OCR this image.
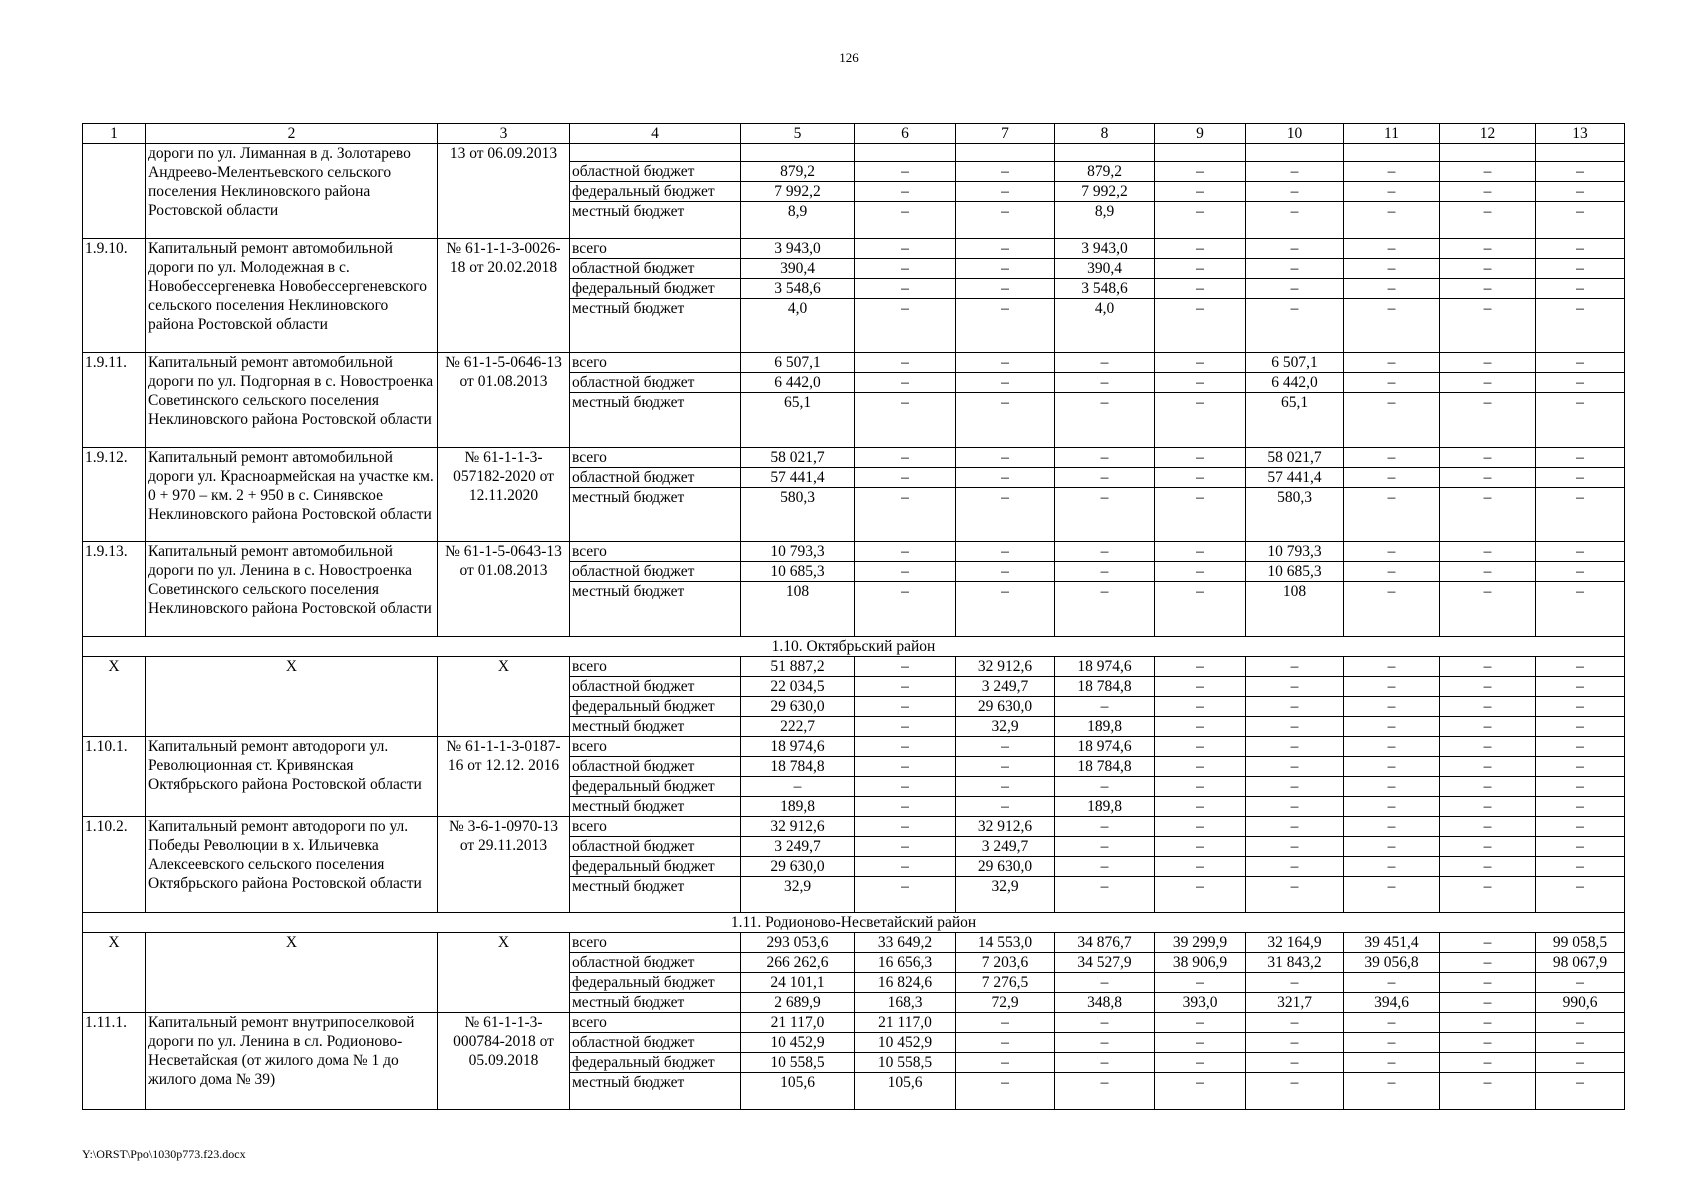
126
1	2	3	4	5	6	7	8	9	10	11	12	13
	дороги по ул. Лиманная в д. Золотарево Андреево-Мелентьевского сельского поселения Неклиновского района Ростовской области	13 от 06.09.2013										
			областной бюджет	879,2	–	–	879,2	–	–	–	–	–
			федеральный бюджет	7 992,2	–	–	7 992,2	–	–	–	–	–
			местный бюджет	8,9	–	–	8,9	–	–	–	–	–
1.9.10.	Капитальный ремонт автомобильной дороги по ул. Молодежная в с. Новобессергеневка Новобессергеневского сельского поселения Неклиновского района Ростовской области	№ 61-1-1-3-0026-18 от 20.02.2018	всего	3 943,0	–	–	3 943,0	–	–	–	–	–
			областной бюджет	390,4	–	–	390,4	–	–	–	–	–
			федеральный бюджет	3 548,6	–	–	3 548,6	–	–	–	–	–
			местный бюджет	4,0	–	–	4,0	–	–	–	–	–
1.9.11.	Капитальный ремонт автомобильной дороги по ул. Подгорная в с. Новостроенка Советинского сельского поселения Неклиновского района Ростовской области	№ 61-1-5-0646-13 от 01.08.2013	всего	6 507,1	–	–	–	–	6 507,1	–	–	–
			областной бюджет	6 442,0	–	–	–	–	6 442,0	–	–	–
			местный бюджет	65,1	–	–	–	–	65,1	–	–	–
1.9.12.	Капитальный ремонт автомобильной дороги ул. Красноармейская на участке км. 0 + 970 – км. 2 + 950 в с. Синявское Неклиновского района Ростовской области	№ 61-1-1-3-057182-2020 от 12.11.2020	всего	58 021,7	–	–	–	–	58 021,7	–	–	–
			областной бюджет	57 441,4	–	–	–	–	57 441,4	–	–	–
			местный бюджет	580,3	–	–	–	–	580,3	–	–	–
1.9.13.	Капитальный ремонт автомобильной дороги по ул. Ленина в с. Новостроенка Советинского сельского поселения Неклиновского района Ростовской области	№ 61-1-5-0643-13 от 01.08.2013	всего	10 793,3	–	–	–	–	10 793,3	–	–	–
			областной бюджет	10 685,3	–	–	–	–	10 685,3	–	–	–
			местный бюджет	108	–	–	–	–	108	–	–	–
1.10. Октябрьский район												
Х	Х	Х	всего	51 887,2	–	32 912,6	18 974,6	–	–	–	–	–
			областной бюджет	22 034,5	–	3 249,7	18 784,8	–	–	–	–	–
			федеральный бюджет	29 630,0	–	29 630,0	–	–	–	–	–	–
			местный бюджет	222,7	–	32,9	189,8	–	–	–	–	–
1.10.1.	Капитальный ремонт автодороги ул. Революционная ст. Кривянская Октябрьского района Ростовской области	№ 61-1-1-3-0187-16 от 12.12. 2016	всего	18 974,6	–	–	18 974,6	–	–	–	–	–
			областной бюджет	18 784,8	–	–	18 784,8	–	–	–	–	–
			федеральный бюджет	–	–	–	–	–	–	–	–	–
			местный бюджет	189,8	–	–	189,8	–	–	–	–	–
1.10.2.	Капитальный ремонт автодороги по ул. Победы Революции в х. Ильичевка Алексеевского сельского поселения Октябрьского района Ростовской области	№ 3-6-1-0970-13 от 29.11.2013	всего	32 912,6	–	32 912,6	–	–	–	–	–	–
			областной бюджет	3 249,7	–	3 249,7	–	–	–	–	–	–
			федеральный бюджет	29 630,0	–	29 630,0	–	–	–	–	–	–
			местный бюджет	32,9	–	32,9	–	–	–	–	–	–
1.11. Родионово-Несветайский район												
Х	Х	Х	всего	293 053,6	33 649,2	14 553,0	34 876,7	39 299,9	32 164,9	39 451,4	–	99 058,5
			областной бюджет	266 262,6	16 656,3	7 203,6	34 527,9	38 906,9	31 843,2	39 056,8	–	98 067,9
			федеральный бюджет	24 101,1	16 824,6	7 276,5	–	–	–	–	–	–
			местный бюджет	2 689,9	168,3	72,9	348,8	393,0	321,7	394,6	–	990,6
1.11.1.	Капитальный ремонт внутрипоселковой дороги по ул. Ленина в сл. Родионово-Несветайская (от жилого дома № 1 до жилого дома № 39)	№ 61-1-1-3-000784-2018 от 05.09.2018	всего	21 117,0	21 117,0	–	–	–	–	–	–	–
			областной бюджет	10 452,9	10 452,9	–	–	–	–	–	–	–
			федеральный бюджет	10 558,5	10 558,5	–	–	–	–	–	–	–
			местный бюджет	105,6	105,6	–	–	–	–	–	–	–
Y:\ORST\Ppo\1030p773.f23.docx
